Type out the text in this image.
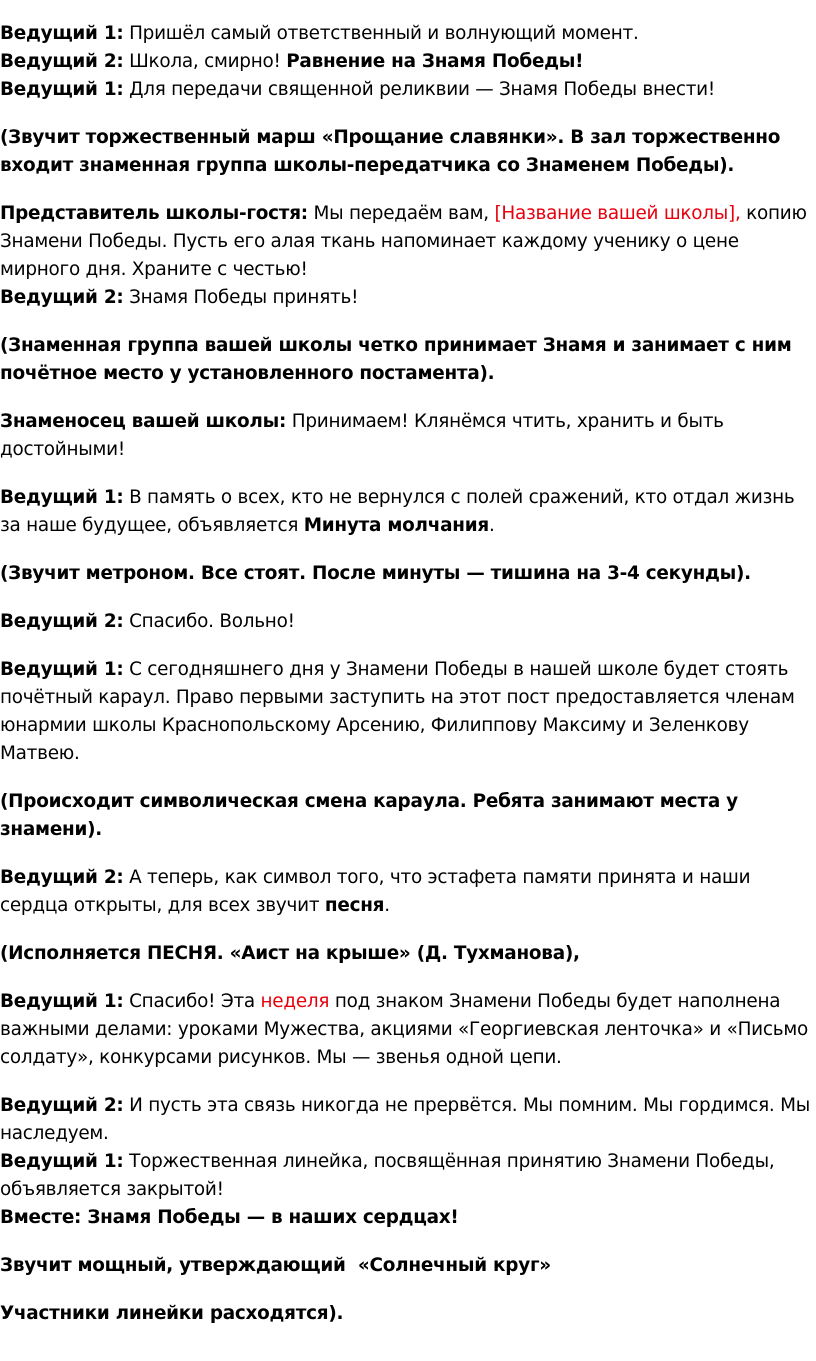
Ведущий 1: Пришёл самый ответственный и волнующий момент.

Ведущий 2: Школа, смирно! Равнение на Знамя Победы!

Ведущий 1: Для передачи священной реликвии — Знамя Победы внести!

(Звучит торжественный марш «Прощание славянки». В зал торжественно входит знаменная группа школы-передатчика со Знаменем Победы).

Представитель школы-гостя: Мы передаём вам, [Название вашей школы], копию Знамени Победы. Пусть его алая ткань напоминает каждому ученику о цене мирного дня. Храните с честью!

Ведущий 2: Знамя Победы принять!

(Знаменная группа вашей школы четко принимает Знамя и занимает с ним почётное место у установленного постамента).

Знаменосец вашей школы: Принимаем! Клянёмся чтить, хранить и быть достойными!

Ведущий 1: В память о всех, кто не вернулся с полей сражений, кто отдал жизнь за наше будущее, объявляется Минута молчания.

(Звучит метроном. Все стоят. После минуты — тишина на 3-4 секунды).

Ведущий 2: Спасибо. Вольно!

Ведущий 1: С сегодняшнего дня у Знамени Победы в нашей школе будет стоять почётный караул. Право первыми заступить на этот пост предоставляется членам юнармии школы Краснопольскому Арсению, Филиппову Максиму и Зеленкову Матвею.

(Происходит символическая смена караула. Ребята занимают места у знамени).

Ведущий 2: А теперь, как символ того, что эстафета памяти принята и наши сердца открыты, для всех звучит песня.

(Исполняется ПЕСНЯ. «Аист на крыше» (Д. Тухманова),

Ведущий 1: Спасибо! Эта неделя под знаком Знамени Победы будет наполнена важными делами: уроками Мужества, акциями «Георгиевская ленточка» и «Письмо солдату», конкурсами рисунков. Мы — звенья одной цепи.

Ведущий 2: И пусть эта связь никогда не прервётся. Мы помним. Мы гордимся. Мы наследуем.

Ведущий 1: Торжественная линейка, посвящённая принятию Знамени Победы, объявляется закрытой!

Вместе: Знамя Победы — в наших сердцах!

Звучит мощный, утверждающий  «Солнечный круг»

Участники линейки расходятся).
